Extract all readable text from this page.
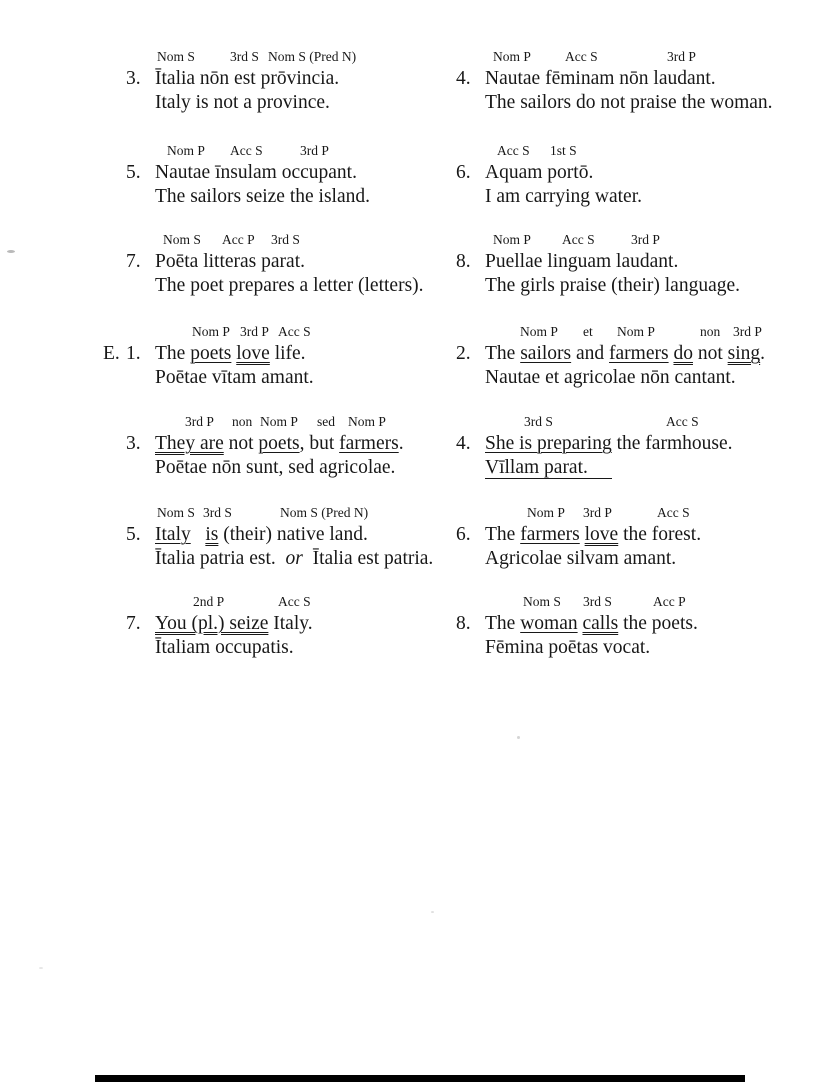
Nom S	3rd S Nom S (Pred N)
3. Ītalia nōn est prōvincia.
Italy is not a province.
Nom P	Acc S	3rd P
4. Nautae fēminam nōn laudant.
The sailors do not praise the woman.
Nom P Acc S	3rd P
5. Nautae īnsulam occupant.
The sailors seize the island.
Acc S 1st S
6. Aquam portō.
I am carrying water.
Nom S Acc P 3rd S
7. Poēta litteras parat.
The poet prepares a letter (letters).
Nom P Acc S	3rd P
8. Puellae linguam laudant.
The girls praise (their) language.
E.
Nom P 3rd P Acc S
1. The poets love life.
Poētae vītam amant.
Nom P et Nom P	non 3rd P
2. The sailors and farmers do not sing.
Nautae et agricolae nōn cantant.
3rd P non Nom P sed Nom P
3. They are not poets, but farmers.
Poētae nōn sunt, sed agricolae.
3rd S	Acc S
4. She is preparing the farmhouse.
Vīllam parat.
Nom S 3rd S	Nom S (Pred N)
5. Italy is (their) native land.
Ītalia patria est.  or  Ītalia est patria.
Nom P 3rd P	Acc S
6. The farmers love the forest.
Agricolae silvam amant.
2nd P	Acc S
7. You (pl.) seize Italy.
Ītaliam occupatis.
Nom S 3rd S	Acc P
8. The woman calls the poets.
Fēmina poētas vocat.
